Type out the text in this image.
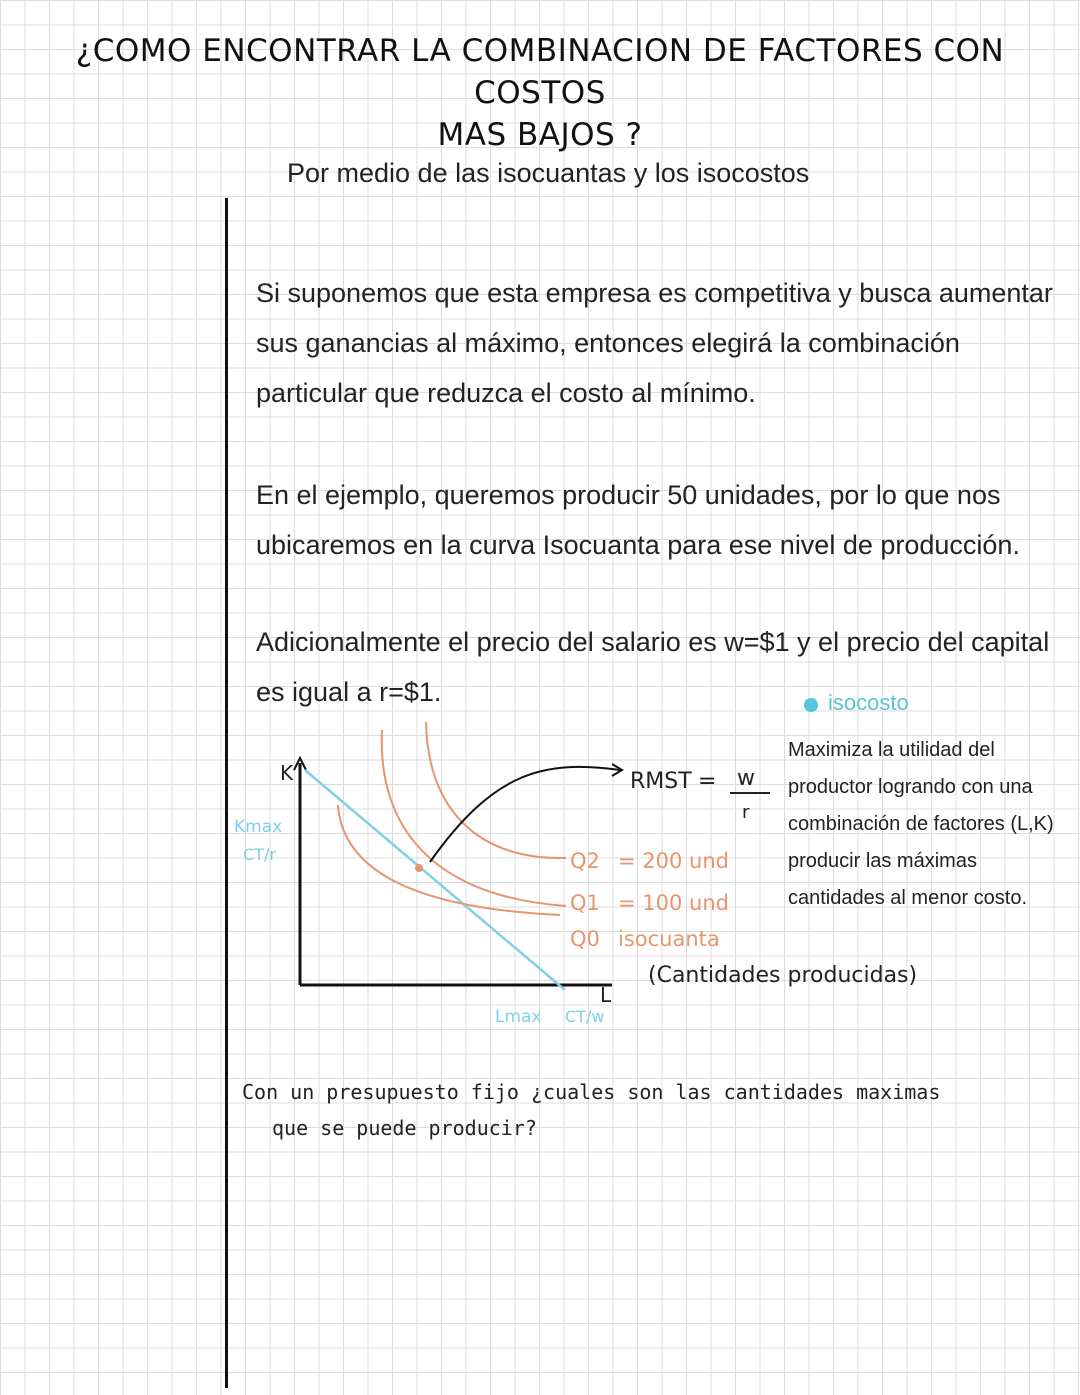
¿COMO ENCONTRAR LA COMBINACION DE FACTORES CON COSTOS
MAS BAJOS ?
Por medio de las isocuantas y los isocostos
Si suponemos que esta empresa es competitiva y busca aumentar
sus ganancias al máximo, entonces elegirá la combinación
particular que reduzca el costo al mínimo.
En el ejemplo, queremos producir 50 unidades, por lo que nos
ubicaremos en la curva Isocuanta para ese nivel de producción.
Adicionalmente el precio del salario es w=$1 y el precio del capital
es igual a r=$1.	isocosto
Maximiza la utilidad del
productor logrando con una
combinación de factores (L,K)
producir las máximas
cantidades al menor costo.
K
L
Kmax
CT/r
Lmax CT/w
RMST = w
r
Q2 = 200 und
Q1 = 100 und
Q0 isocuanta
(Cantidades producidas)
Con un presupuesto fijo ¿cuales son las cantidades maximas
que se puede producir?
